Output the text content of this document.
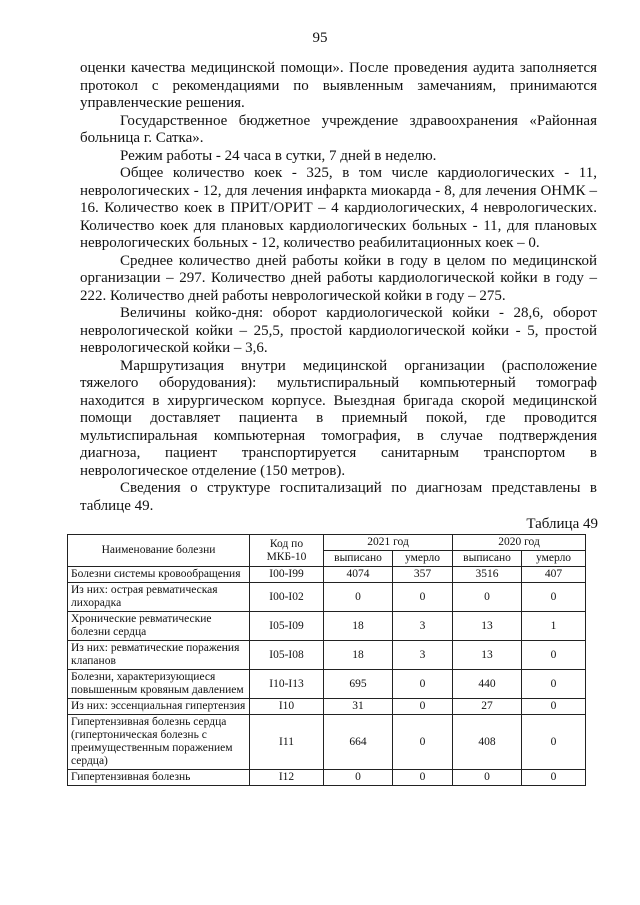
95

оценки качества медицинской помощи». После проведения аудита заполняется протокол с рекомендациями по выявленным замечаниям, принимаются управленческие решения.

Государственное бюджетное учреждение здравоохранения «Районная больница г. Сатка».

Режим работы - 24 часа в сутки, 7 дней в неделю.

Общее количество коек - 325, в том числе кардиологических - 11, неврологических - 12, для лечения инфаркта миокарда - 8, для лечения ОНМК – 16. Количество коек в ПРИТ/ОРИТ – 4 кардиологических, 4 неврологических. Количество коек для плановых кардиологических больных - 11, для плановых неврологических больных - 12, количество реабилитационных коек – 0.

Среднее количество дней работы койки в году в целом по медицинской организации – 297. Количество дней работы кардиологической койки в году – 222. Количество дней работы неврологической койки в году – 275.

Величины койко-дня: оборот кардиологической койки - 28,6, оборот неврологической койки – 25,5, простой кардиологической койки - 5, простой неврологической койки – 3,6.

Маршрутизация внутри медицинской организации (расположение тяжелого оборудования): мультиспиральный компьютерный томограф находится в хирургическом корпусе. Выездная бригада скорой медицинской помощи доставляет пациента в приемный покой, где проводится мультиспиральная компьютерная томография, в случае подтверждения диагноза, пациент транспортируется санитарным транспортом в неврологическое отделение (150 метров).

Сведения о структуре госпитализаций по диагнозам представлены в таблице 49.

Таблица 49
Наименование болезни	Код по МКБ-10	2021 год		2020 год	
		выписано	умерло	выписано	умерло
Болезни системы кровообращения	I00-I99	4074	357	3516	407
Из них: острая ревматическая лихорадка	I00-I02	0	0	0	0
Хронические ревматические болезни сердца	I05-I09	18	3	13	1
Из них: ревматические поражения клапанов	I05-I08	18	3	13	0
Болезни, характеризующиеся повышенным кровяным давлением	I10-I13	695	0	440	0
Из них: эссенциальная гипертензия	I10	31	0	27	0
Гипертензивная болезнь сердца (гипертоническая болезнь с преимущественным поражением сердца)	I11	664	0	408	0
Гипертензивная болезнь	I12	0	0	0	0
